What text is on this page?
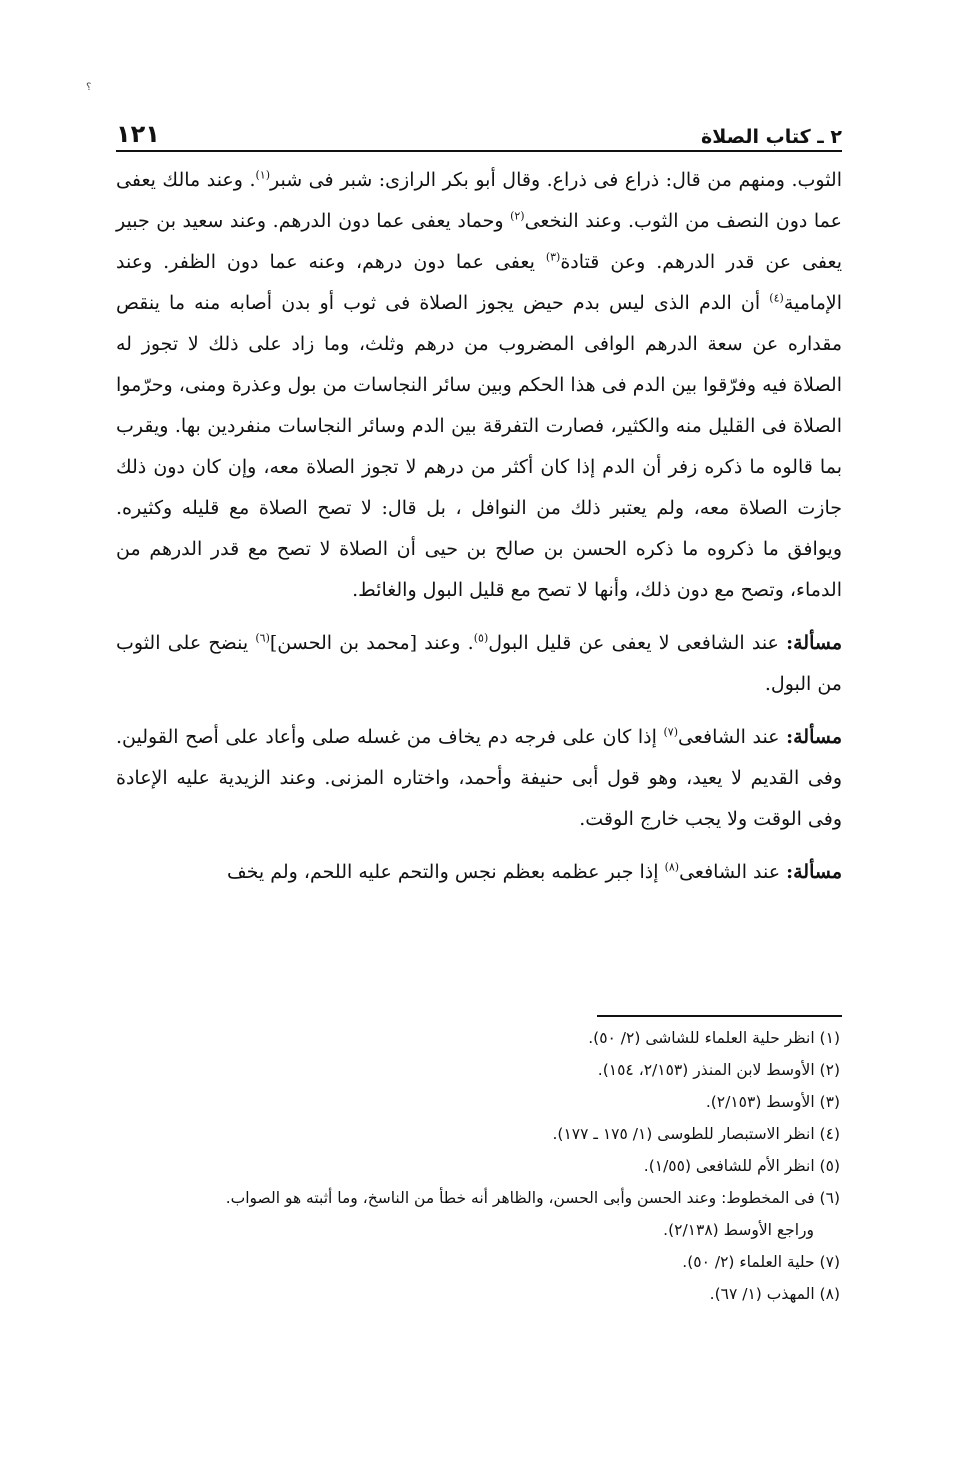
؟
٢ ـ كتاب الصلاة
١٢١

الثوب. ومنهم من قال: ذراع فى ذراع. وقال أبو بكر الرازى: شبر فى شبر$^{(١)}$. وعند مالك يعفى عما دون النصف من الثوب. وعند النخعى$^{(٢)}$ وحماد يعفى عما دون الدرهم. وعند سعيد بن جبير يعفى عن قدر الدرهم. وعن قتادة$^{(٣)}$ يعفى عما دون درهم، وعنه عما دون الظفر. وعند الإمامية$^{(٤)}$ أن الدم الذى ليس بدم حيض يجوز الصلاة فى ثوب أو بدن أصابه منه ما ينقص مقداره عن سعة الدرهم الوافى المضروب من درهم وثلث، وما زاد على ذلك لا تجوز له الصلاة فيه وفرّقوا بين الدم فى هذا الحكم وبين سائر النجاسات من بول وعذرة ومنى، وحرّموا الصلاة فى القليل منه والكثير، فصارت التفرقة بين الدم وسائر النجاسات منفردين بها. ويقرب بما قالوه ما ذكره زفر أن الدم إذا كان أكثر من درهم لا تجوز الصلاة معه، وإن كان دون ذلك جازت الصلاة معه، ولم يعتبر ذلك من النوافل ، بل قال: لا تصح الصلاة مع قليله وكثيره. ويوافق ما ذكروه ما ذكره الحسن بن صالح بن حيى أن الصلاة لا تصح مع قدر الدرهم من الدماء، وتصح مع دون ذلك، وأنها لا تصح مع قليل البول والغائط.

مسألة: عند الشافعى لا يعفى عن قليل البول$^{(٥)}$. وعند [محمد بن الحسن]$^{(٦)}$ ينضح على الثوب من البول.

مسألة: عند الشافعى$^{(٧)}$ إذا كان على فرجه دم يخاف من غسله صلى وأعاد على أصح القولين. وفى القديم لا يعيد، وهو قول أبى حنيفة وأحمد، واختاره المزنى. وعند الزيدية عليه الإعادة وفى الوقت ولا يجب خارج الوقت.

مسألة: عند الشافعى$^{(٨)}$ إذا جبر عظمه بعظم نجس والتحم عليه اللحم، ولم يخف

(١) انظر حلية العلماء للشاشى (٢/ ٥٠).
(٢) الأوسط لابن المنذر (٢/١٥٣، ١٥٤).
(٣) الأوسط (٢/١٥٣).
(٤) انظر الاستبصار للطوسى (١/ ١٧٥ ـ ١٧٧).
(٥) انظر الأم للشافعى (١/٥٥).
(٦) فى المخطوط: وعند الحسن وأبى الحسن، والظاهر أنه خطأ من الناسخ، وما أثبته هو الصواب.
وراجع الأوسط (٢/١٣٨).
(٧) حلية العلماء (٢/ ٥٠).
(٨) المهذب (١/ ٦٧).
